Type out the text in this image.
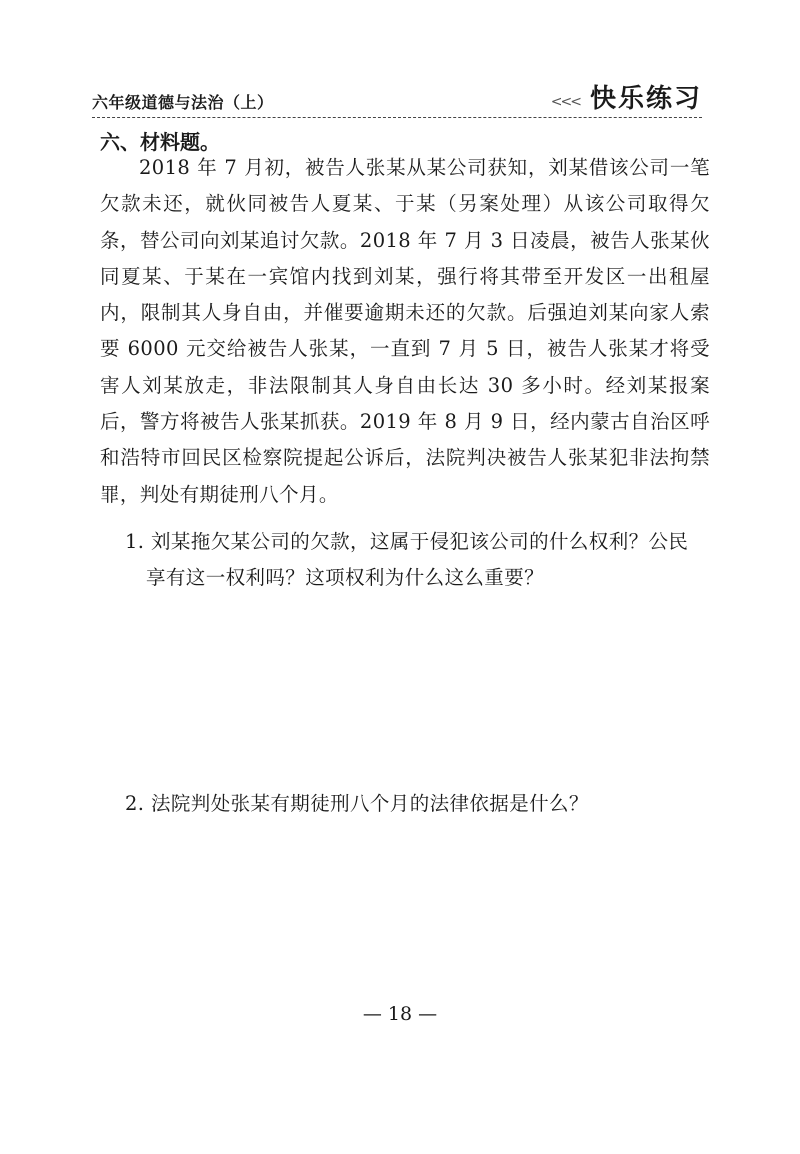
六年级道德与法治（上）	<<< 快乐练习
六、材料题。
2018 年 7 月初，被告人张某从某公司获知，刘某借该公司一笔欠款未还，就伙同被告人夏某、于某（另案处理）从该公司取得欠条，替公司向刘某追讨欠款。2018 年 7 月 3 日凌晨，被告人张某伙同夏某、于某在一宾馆内找到刘某，强行将其带至开发区一出租屋内，限制其人身自由，并催要逾期未还的欠款。后强迫刘某向家人索要 6000 元交给被告人张某，一直到 7 月 5 日，被告人张某才将受害人刘某放走，非法限制其人身自由长达 30 多小时。经刘某报案后，警方将被告人张某抓获。2019 年 8 月 9 日，经内蒙古自治区呼和浩特市回民区检察院提起公诉后，法院判决被告人张某犯非法拘禁罪，判处有期徒刑八个月。
1. 刘某拖欠某公司的欠款，这属于侵犯该公司的什么权利？公民
享有这一权利吗？这项权利为什么这么重要？
2. 法院判处张某有期徒刑八个月的法律依据是什么？
— 18 —
